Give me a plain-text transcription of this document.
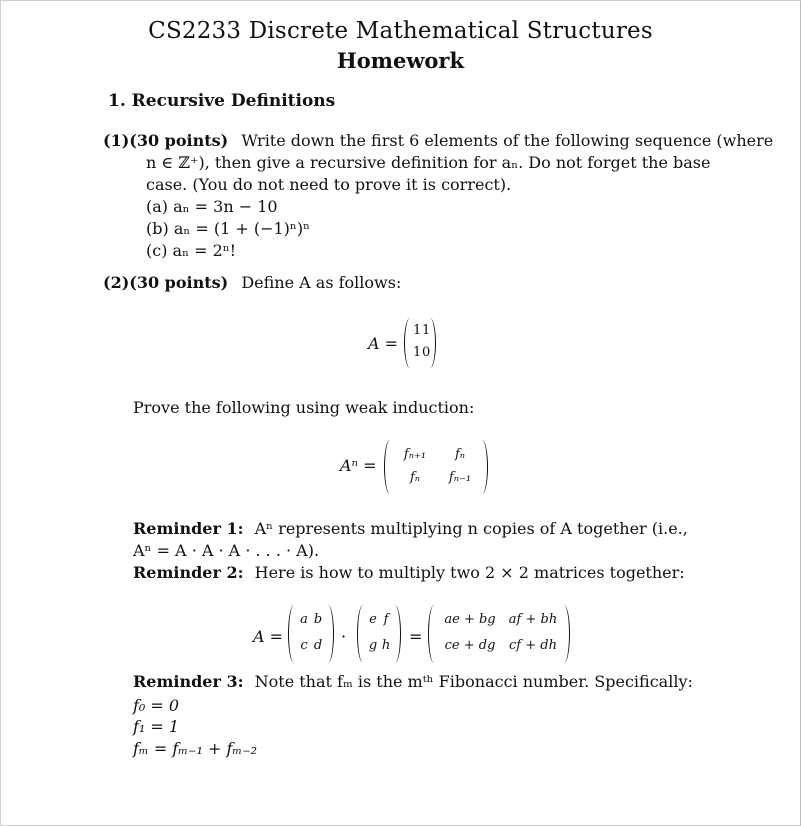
CS2233 Discrete Mathematical Structures
Homework
1. Recursive Definitions
(1)(30 points) Write down the first 6 elements of the following sequence (where
n ∈ ℤ⁺), then give a recursive definition for aₙ. Do not forget the base
case. (You do not need to prove it is correct).
(a) aₙ = 3n − 10
(b) aₙ = (1 + (−1)ⁿ)ⁿ
(c) aₙ = 2ⁿ!
(2)(30 points) Define A as follows:
A =
1 1
1 0
Prove the following using weak induction:
Aⁿ =
fₙ₊₁	fₙ
fₙ	fₙ₋₁
Reminder 1: Aⁿ represents multiplying n copies of A together (i.e.,
Aⁿ = A · A · A · . . . · A).
Reminder 2: Here is how to multiply two 2 × 2 matrices together:
A =
a b
c d ·
e f
g h =
ae + bg	af + bh
ce + dg	cf + dh
Reminder 3: Note that fₘ is the mᵗʰ Fibonacci number. Specifically:
f₀ = 0
f₁ = 1
fₘ = fₘ₋₁ + fₘ₋₂
